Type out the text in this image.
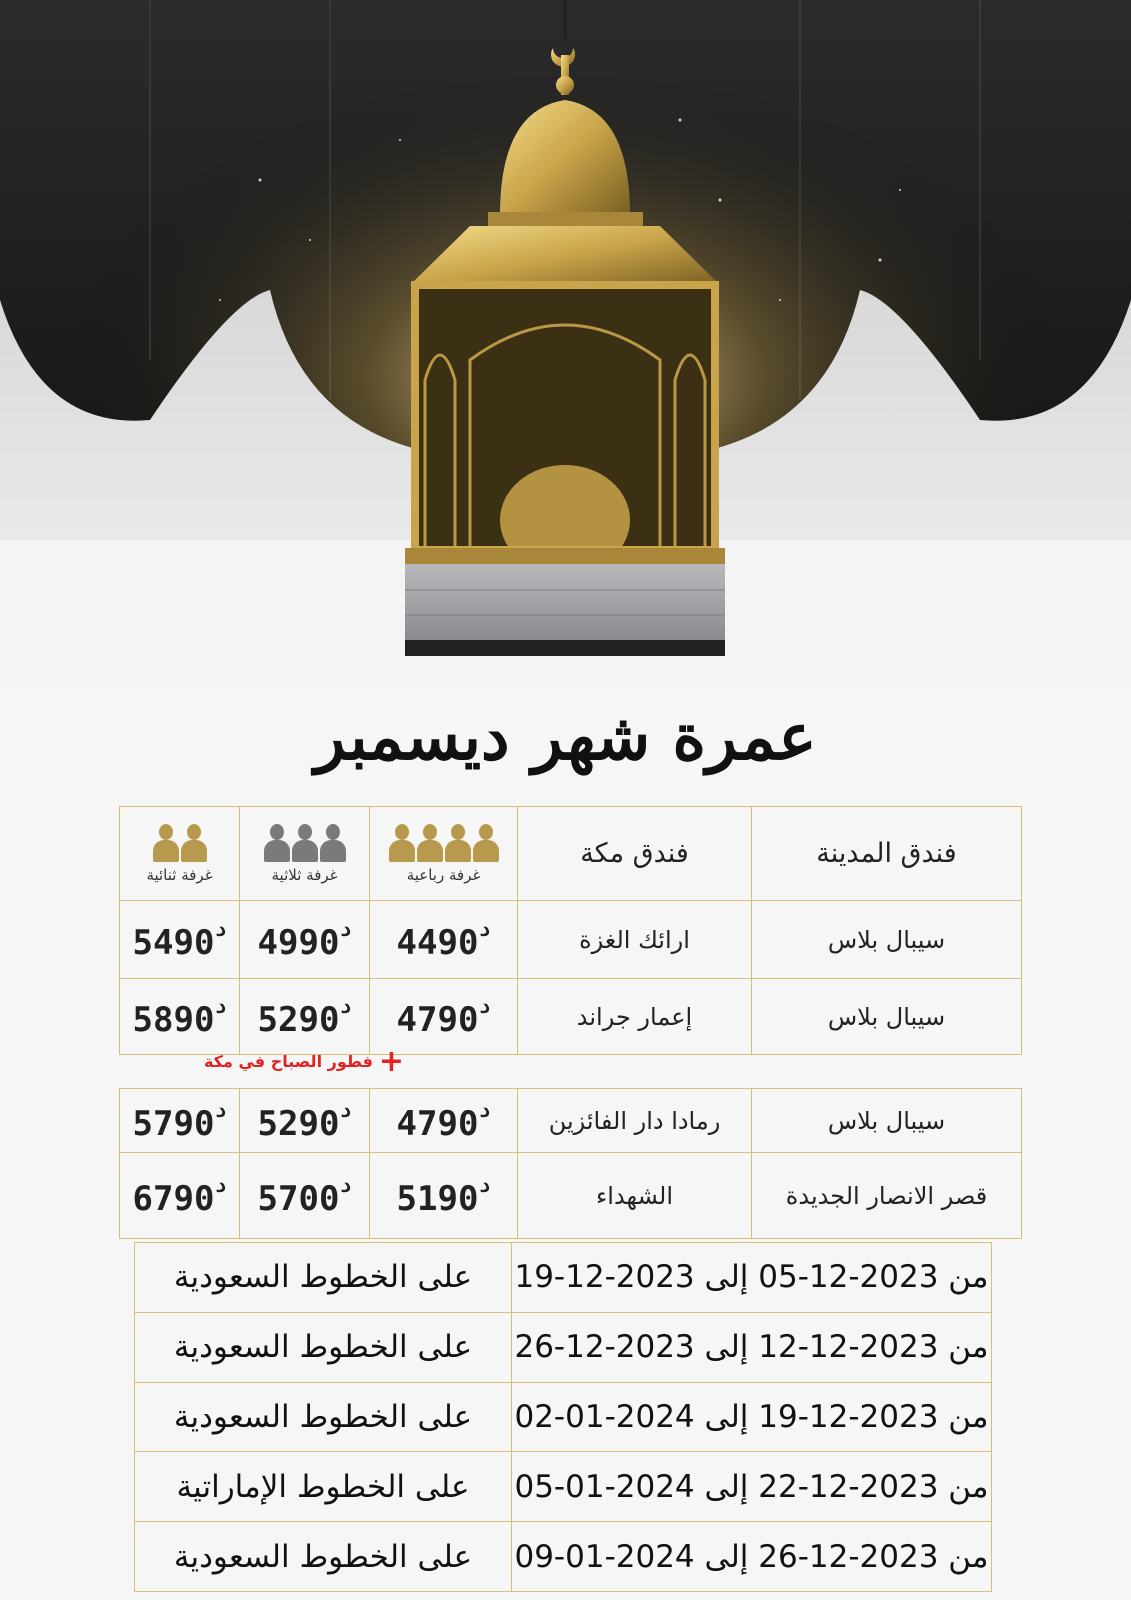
عمرة شهر ديسمبر
فندق المدينة	فندق مكة	غرفة رباعية	غرفة ثلاثية	غرفة ثنائية

سيبال بلاس	ارائك الغزة	$4490^د$	$4990^د$	$5490^د$
سيبال بلاس	إعمار جراند	$4790^د$	$5290^د$	$5890^د$

سيبال بلاس	رمادا دار الفائزين	$4790^د$	$5290^د$	$5790^د$
قصر الانصار الجديدة	الشهداء	$5190^د$	$5700^د$	$6790^د$
+فطور الصباح في مكة
من 2023-12-05 إلى 2023-12-19	على الخطوط السعودية
من 2023-12-12 إلى 2023-12-26	على الخطوط السعودية
من 2023-12-19 إلى 2024-01-02	على الخطوط السعودية
من 2023-12-22 إلى 2024-01-05	على الخطوط الإماراتية
من 2023-12-26 إلى 2024-01-09	على الخطوط السعودية
